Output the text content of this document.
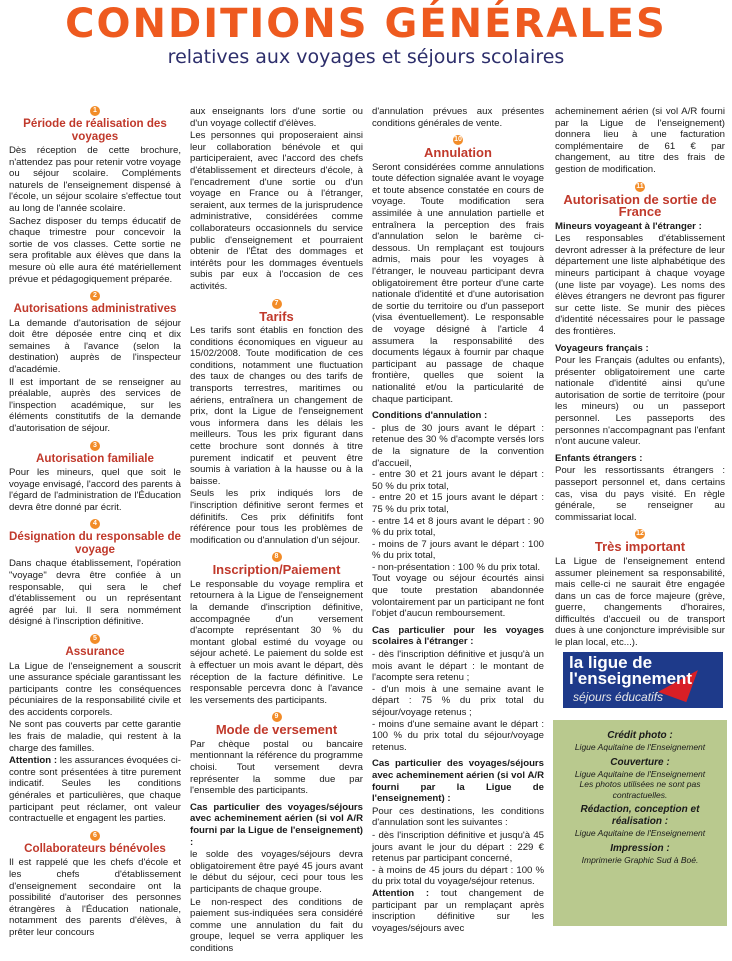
CONDITIONS GÉNÉRALES
relatives aux voyages et séjours scolaires
1
Période de réalisation des voyages

Dès réception de cette brochure, n'attendez pas pour retenir votre voyage ou séjour scolaire. Compléments naturels de l'enseignement dispensé à l'école, un séjour scolaire s'effectue tout au long de l'année scolaire.

Sachez disposer du temps éducatif de chaque trimestre pour concevoir la sortie de vos classes. Cette sortie ne sera profitable aux élèves que dans la mesure où elle aura été matériellement prévue et pédagogiquement préparée.

2
Autorisations administratives

La demande d'autorisation de séjour doit être déposée entre cinq et dix semaines à l'avance (selon la destination) auprès de l'inspecteur d'académie.

Il est important de se renseigner au préalable, auprès des services de l'inspection académique, sur les éléments constitutifs de la demande d'autorisation de séjour.

3
Autorisation familiale

Pour les mineurs, quel que soit le voyage envisagé, l'accord des parents à l'égard de l'administration de l'Éducation devra être donné par écrit.

4
Désignation du responsable de voyage

Dans chaque établissement, l'opération "voyage" devra être confiée à un responsable, qui sera le chef d'établissement ou un représentant agréé par lui. Il sera nommément désigné à l'inscription définitive.

5
Assurance

La Ligue de l'enseignement a souscrit une assurance spéciale garantissant les participants contre les conséquences pécuniaires de la responsabilité civile et des accidents corporels.

Ne sont pas couverts par cette garantie les frais de maladie, qui restent à la charge des familles.

Attention : les assurances évoquées ci-contre sont présentées à titre purement indicatif. Seules les conditions générales et particulières, que chaque participant peut réclamer, ont valeur contractuelle et engagent les parties.

6
Collaborateurs bénévoles

Il est rappelé que les chefs d'école et les chefs d'établissement d'enseignement secondaire ont la possibilité d'autoriser des personnes étrangères à l'Éducation nationale, notamment des parents d'élèves, à prêter leur concours

aux enseignants lors d'une sortie ou d'un voyage collectif d'élèves.

Les personnes qui proposeraient ainsi leur collaboration bénévole et qui participeraient, avec l'accord des chefs d'établissement et directeurs d'école, à l'encadrement d'une sortie ou d'un voyage en France ou à l'étranger, seraient, aux termes de la jurisprudence administrative, considérées comme collaborateurs occasionnels du service public d'enseignement et pourraient obtenir de l'État des dommages et intérêts pour les dommages éventuels subis par eux à l'occasion de ces activités.

7
Tarifs

Les tarifs sont établis en fonction des conditions économiques en vigueur au 15/02/2008. Toute modification de ces conditions, notamment une fluctuation des taux de changes ou des tarifs de transports terrestres, maritimes ou aériens, entraînera un changement de prix, dont la Ligue de l'enseignement vous informera dans les délais les meilleurs. Tous les prix figurant dans cette brochure sont donnés à titre purement indicatif et peuvent être soumis à variation à la hausse ou à la baisse.

Seuls les prix indiqués lors de l'inscription définitive seront fermes et définitifs. Ces prix définitifs font référence pour tous les problèmes de modification ou d'annulation d'un séjour.

8
Inscription/Paiement

Le responsable du voyage remplira et retournera à la Ligue de l'enseignement la demande d'inscription définitive, accompagnée d'un versement d'acompte représentant 30 % du montant global estimé du voyage ou séjour acheté. Le paiement du solde est à effectuer un mois avant le départ, dès réception de la facture définitive. Le responsable percevra donc à l'avance les versements des participants.

9
Mode de versement

Par chèque postal ou bancaire mentionnant la référence du programme choisi. Tout versement devra représenter la somme due par l'ensemble des participants.

Cas particulier des voyages/séjours avec acheminement aérien (si vol A/R fourni par la Ligue de l'enseignement) :

le solde des voyages/séjours devra obligatoirement être payé 45 jours avant le début du séjour, ceci pour tous les participants de chaque groupe.

Le non-respect des conditions de paiement sus-indiquées sera considéré comme une annulation du fait du groupe, lequel se verra appliquer les conditions

d'annulation prévues aux présentes conditions générales de vente.

10
Annulation

Seront considérées comme annulations toute défection signalée avant le voyage et toute absence constatée en cours de voyage. Toute modification sera assimilée à une annulation partielle et entraînera la perception des frais d'annulation selon le barème ci-dessous. Un remplaçant est toujours admis, mais pour les voyages à l'étranger, le nouveau participant devra obligatoirement être porteur d'une carte nationale d'identité et d'une autorisation de sortie du territoire ou d'un passeport (visa éventuellement). Le responsable de voyage désigné à l'article 4 assumera la responsabilité des documents légaux à fournir par chaque participant au passage de chaque frontière, quelles que soient la nationalité et/ou la particularité de chaque participant.

Conditions d'annulation :

- plus de 30 jours avant le départ : retenue des 30 % d'acompte versés lors de la signature de la convention d'accueil,

- entre 30 et 21 jours avant le départ : 50 % du prix total,

- entre 20 et 15 jours avant le départ : 75 % du prix total,

- entre 14 et 8 jours avant le départ : 90 % du prix total,

- moins de 7 jours avant le départ : 100 % du prix total,

- non-présentation : 100 % du prix total.

Tout voyage ou séjour écourtés ainsi que toute prestation abandonnée volontairement par un participant ne font l'objet d'aucun remboursement.

Cas particulier pour les voyages scolaires à l'étranger :

- dès l'inscription définitive et jusqu'à un mois avant le départ : le montant de l'acompte sera retenu ;

- d'un mois à une semaine avant le départ : 75 % du prix total du séjour/voyage retenus ;

- moins d'une semaine avant le départ : 100 % du prix total du séjour/voyage retenus.

Cas particulier des voyages/séjours avec acheminement aérien (si vol A/R fourni par la Ligue de l'enseignement) :

Pour ces destinations, les conditions d'annulation sont les suivantes :

- dès l'inscription définitive et jusqu'à 45 jours avant le jour du départ : 229 € retenus par participant concerné,

- à moins de 45 jours du départ : 100 % du prix total du voyage/séjour retenus.

Attention : tout changement de participant par un remplaçant après inscription définitive sur les voyages/séjours avec

acheminement aérien (si vol A/R fourni par la Ligue de l'enseignement) donnera lieu à une facturation complémentaire de 61 € par changement, au titre des frais de gestion de modification.

11
Autorisation de sortie de France

Mineurs voyageant à l'étranger :

Les responsables d'établissement devront adresser à la préfecture de leur département une liste alphabétique des mineurs participant à chaque voyage (une liste par voyage). Les noms des élèves étrangers ne devront pas figurer sur cette liste. Se munir des pièces d'identité nécessaires pour le passage des frontières.

Voyageurs français :

Pour les Français (adultes ou enfants), présenter obligatoirement une carte nationale d'identité ainsi qu'une autorisation de sortie de territoire (pour les mineurs) ou un passeport personnel. Les passeports des personnes n'accompagnant pas l'enfant n'ont aucune valeur.

Enfants étrangers :

Pour les ressortissants étrangers : passeport personnel et, dans certains cas, visa du pays visité. En règle générale, se renseigner au commissariat local.

12
Très important

La Ligue de l'enseignement entend assumer pleinement sa responsabilité, mais celle-ci ne saurait être engagée dans un cas de force majeure (grève, guerre, changements d'horaires, difficultés d'accueil ou de transport dues à une conjoncture imprévisible sur le plan local, etc...).

la ligue de
l'enseignement
séjours éducatifs
Crédit photo :
Ligue Aquitaine de l'Enseignement
Couverture :
Ligue Aquitaine de l'Enseignement
Les photos utilisées ne sont pas contractuelles.
Rédaction, conception et réalisation :
Ligue Aquitaine de l'Enseignement
Impression :
Imprimerie Graphic Sud à Boé.
